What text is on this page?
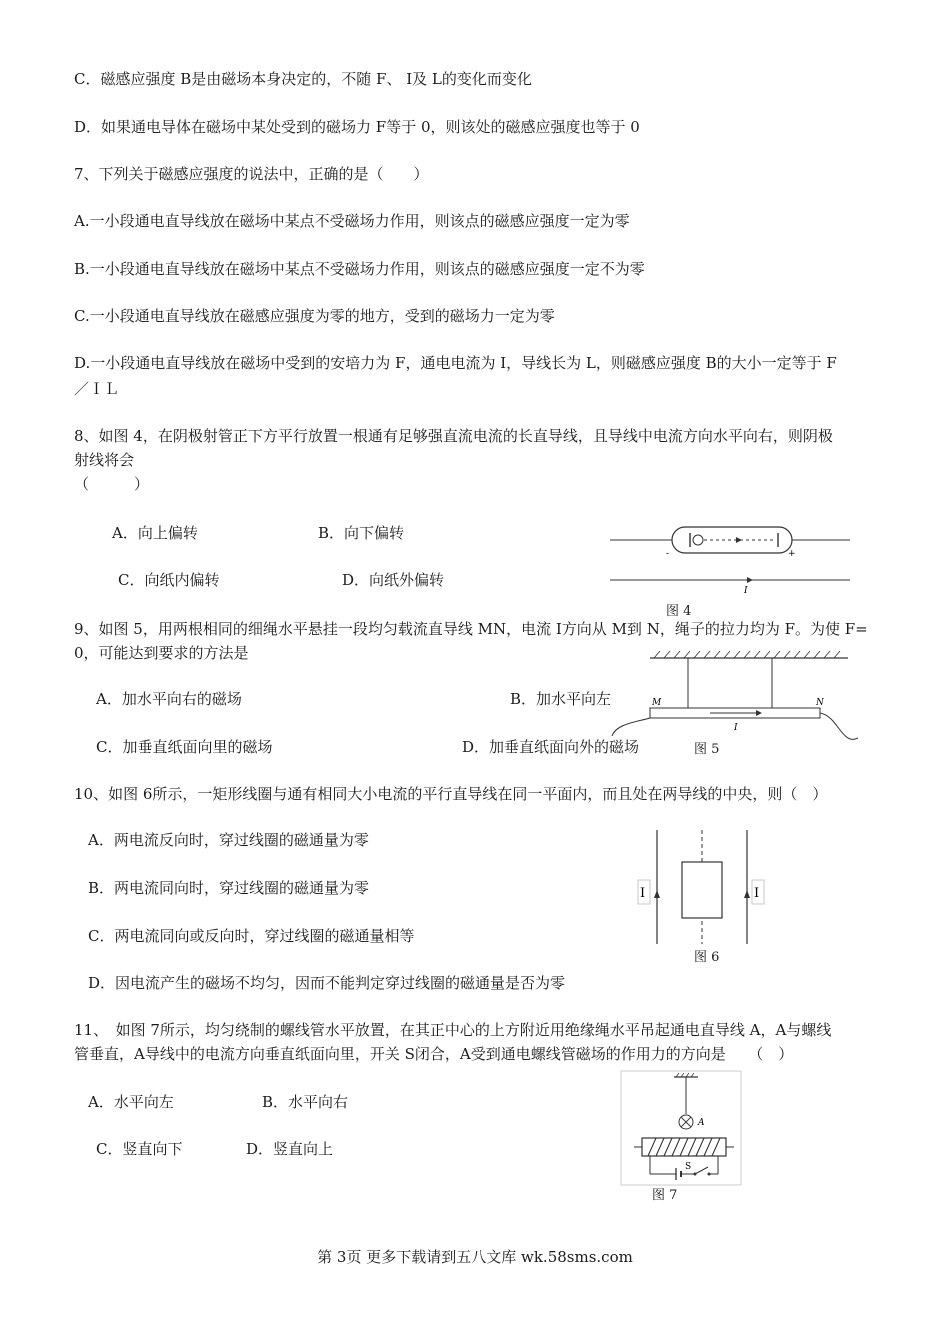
C．磁感应强度 B是由磁场本身决定的，不随 F、 I及 L的变化而变化
D．如果通电导体在磁场中某处受到的磁场力 F等于 0，则该处的磁感应强度也等于 0
7、下列关于磁感应强度的说法中，正确的是（　　）
A.一小段通电直导线放在磁场中某点不受磁场力作用，则该点的磁感应强度一定为零
B.一小段通电直导线放在磁场中某点不受磁场力作用，则该点的磁感应强度一定不为零
C.一小段通电直导线放在磁感应强度为零的地方，受到的磁场力一定为零
D.一小段通电直导线放在磁场中受到的安培力为 F，通电电流为 I，导线长为 L，则磁感应强度 B的大小一定等于 F
／ＩＬ
8、如图 4，在阴极射管正下方平行放置一根通有足够强直流电流的长直导线，且导线中电流方向水平向右，则阴极
射线将会
（　　　）
A．向上偏转	B．向下偏转
C．向纸内偏转	D．向纸外偏转
-	+
I
图 4
9、如图 5，用两根相同的细绳水平悬挂一段均匀载流直导线 MN，电流 I方向从 M到 N，绳子的拉力均为 F。为使 F=
0，可能达到要求的方法是
A．加水平向右的磁场	B．加水平向左
C．加垂直纸面向里的磁场	D．加垂直纸面向外的磁场
I
M	N
图 5
10、如图 6所示，一矩形线圈与通有相同大小电流的平行直导线在同一平面内，而且处在两导线的中央，则（　）
A．两电流反向时，穿过线圈的磁通量为零
B．两电流同向时，穿过线圈的磁通量为零
C．两电流同向或反向时，穿过线圈的磁通量相等
D．因电流产生的磁场不均匀，因而不能判定穿过线圈的磁通量是否为零
I	I
图 6
11、　如图 7所示，均匀绕制的螺线管水平放置，在其正中心的上方附近用绝缘绳水平吊起通电直导线 A，A与螺线
管垂直，A导线中的电流方向垂直纸面向里，开关 S闭合，A受到通电螺线管磁场的作用力的方向是　　（　）
A．水平向左	B．水平向右
C．竖直向下	D．竖直向上
A
S
图 7
第 3页 更多下载请到五八文库 wk.58sms.com
